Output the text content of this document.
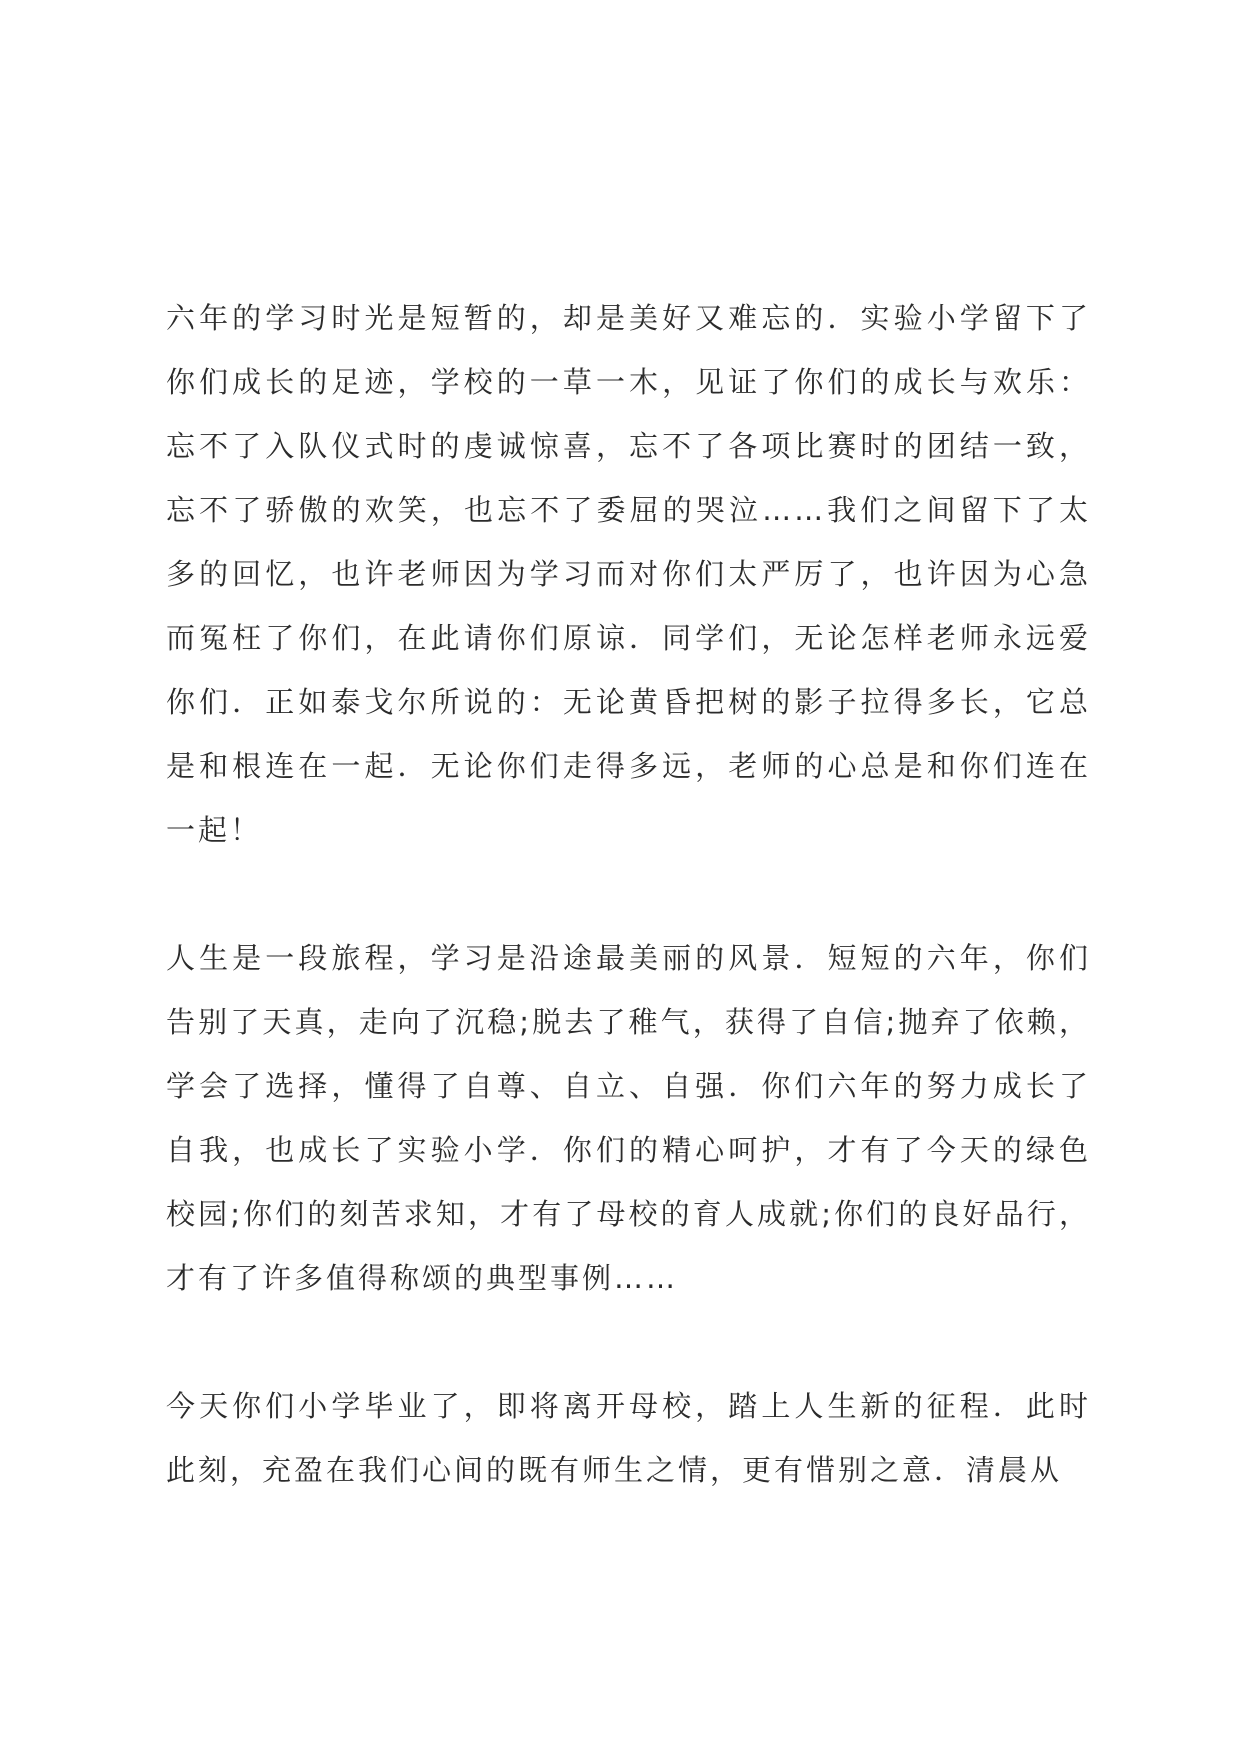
六年的学习时光是短暂的，却是美好又难忘的．实验小学留下了你们成长的足迹，学校的一草一木，见证了你们的成长与欢乐：忘不了入队仪式时的虔诚惊喜，忘不了各项比赛时的团结一致，忘不了骄傲的欢笑，也忘不了委屈的哭泣……我们之间留下了太多的回忆，也许老师因为学习而对你们太严厉了，也许因为心急而冤枉了你们，在此请你们原谅．同学们，无论怎样老师永远爱你们．正如泰戈尔所说的：无论黄昏把树的影子拉得多长，它总是和根连在一起．无论你们走得多远，老师的心总是和你们连在一起！

人生是一段旅程，学习是沿途最美丽的风景．短短的六年，你们告别了天真，走向了沉稳;脱去了稚气，获得了自信;抛弃了依赖，学会了选择，懂得了自尊、自立、自强．你们六年的努力成长了自我，也成长了实验小学．你们的精心呵护，才有了今天的绿色校园;你们的刻苦求知，才有了母校的育人成就;你们的良好品行，才有了许多值得称颂的典型事例……

今天你们小学毕业了，即将离开母校，踏上人生新的征程．此时此刻，充盈在我们心间的既有师生之情，更有惜别之意．清晨从
